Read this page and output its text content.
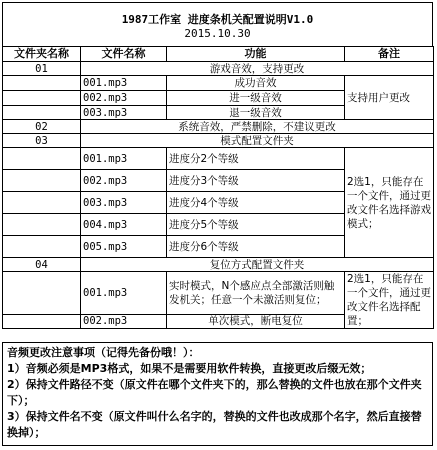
1987工作室 进度条机关配置说明V1.0
2015.10.30
文件夹名称	文件名称	功能	备注
01	游戏音效，支持更改		
	001.mp3	成功音效	支持用户更改
	002.mp3	进一级音效	
	003.mp3	退一级音效	
02	系统音效，严禁删除，不建议更改		
03	模式配置文件夹		
	001.mp3	进度分2个等级	2选1，只能存在一个文件，通过更改文件名选择游戏模式；
	002.mp3	进度分3个等级	
	003.mp3	进度分4个等级	
	004.mp3	进度分5个等级	
	005.mp3	进度分6个等级	
04	复位方式配置文件夹		
	001.mp3	实时模式，N个感应点全部激活则触发机关；任意一个未激活则复位；	2选1，只能存在一个文件，通过更改文件名选择配置；
	002.mp3	单次模式，断电复位	
音频更改注意事项（记得先备份哦！）：
1）音频必须是MP3格式，如果不是需要用软件转换，直接更改后缀无效；
2）保持文件路径不变（原文件在哪个文件夹下的，那么替换的文件也放在那个文件夹下）；
3）保持文件名不变（原文件叫什么名字的，替换的文件也改成那个名字，然后直接替换掉）；
